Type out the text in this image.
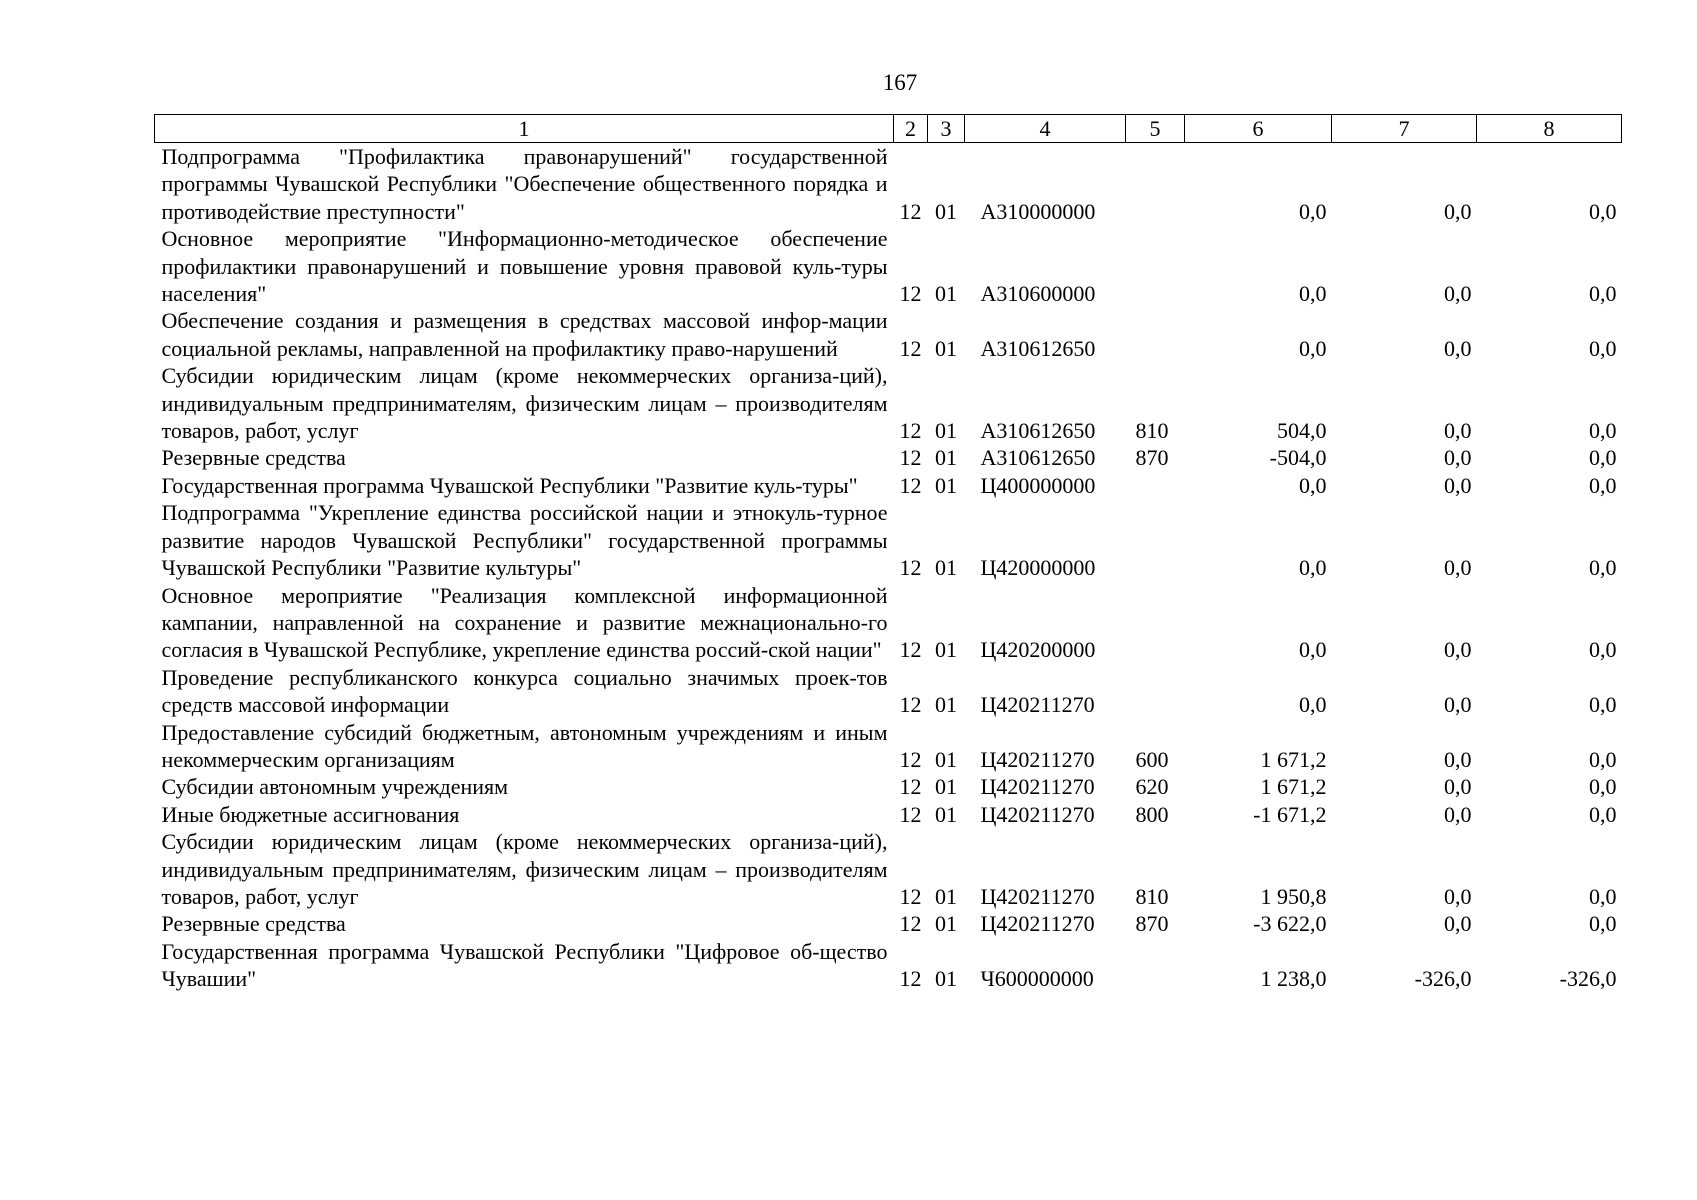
167
1	2	3	4	5	6	7	8
Подпрограмма "Профилактика правонарушений" государственной программы Чувашской Республики "Обеспечение общественного порядка и противодействие преступности"	12	01	А310000000		0,0	0,0	0,0
Основное мероприятие "Информационно-методическое обеспечение профилактики правонарушений и повышение уровня правовой куль-туры населения"	12	01	А310600000		0,0	0,0	0,0
Обеспечение создания и размещения в средствах массовой инфор-мации социальной рекламы, направленной на профилактику право-нарушений	12	01	А310612650		0,0	0,0	0,0
Субсидии юридическим лицам (кроме некоммерческих организа-ций), индивидуальным предпринимателям, физическим лицам – производителям товаров, работ, услуг	12	01	А310612650	810	504,0	0,0	0,0
Резервные средства	12	01	А310612650	870	-504,0	0,0	0,0
Государственная программа Чувашской Республики "Развитие куль-туры"	12	01	Ц400000000		0,0	0,0	0,0
Подпрограмма "Укрепление единства российской нации и этнокуль-турное развитие народов Чувашской Республики" государственной программы Чувашской Республики "Развитие культуры"	12	01	Ц420000000		0,0	0,0	0,0
Основное мероприятие "Реализация комплексной информационной кампании, направленной на сохранение и развитие межнационально-го согласия в Чувашской Республике, укрепление единства россий-ской нации"	12	01	Ц420200000		0,0	0,0	0,0
Проведение республиканского конкурса социально значимых проек-тов средств массовой информации	12	01	Ц420211270		0,0	0,0	0,0
Предоставление субсидий бюджетным, автономным учреждениям и иным некоммерческим организациям	12	01	Ц420211270	600	1 671,2	0,0	0,0
Субсидии автономным учреждениям	12	01	Ц420211270	620	1 671,2	0,0	0,0
Иные бюджетные ассигнования	12	01	Ц420211270	800	-1 671,2	0,0	0,0
Субсидии юридическим лицам (кроме некоммерческих организа-ций), индивидуальным предпринимателям, физическим лицам – производителям товаров, работ, услуг	12	01	Ц420211270	810	1 950,8	0,0	0,0
Резервные средства	12	01	Ц420211270	870	-3 622,0	0,0	0,0
Государственная программа Чувашской Республики "Цифровое об-щество Чувашии"	12	01	Ч600000000		1 238,0	-326,0	-326,0
